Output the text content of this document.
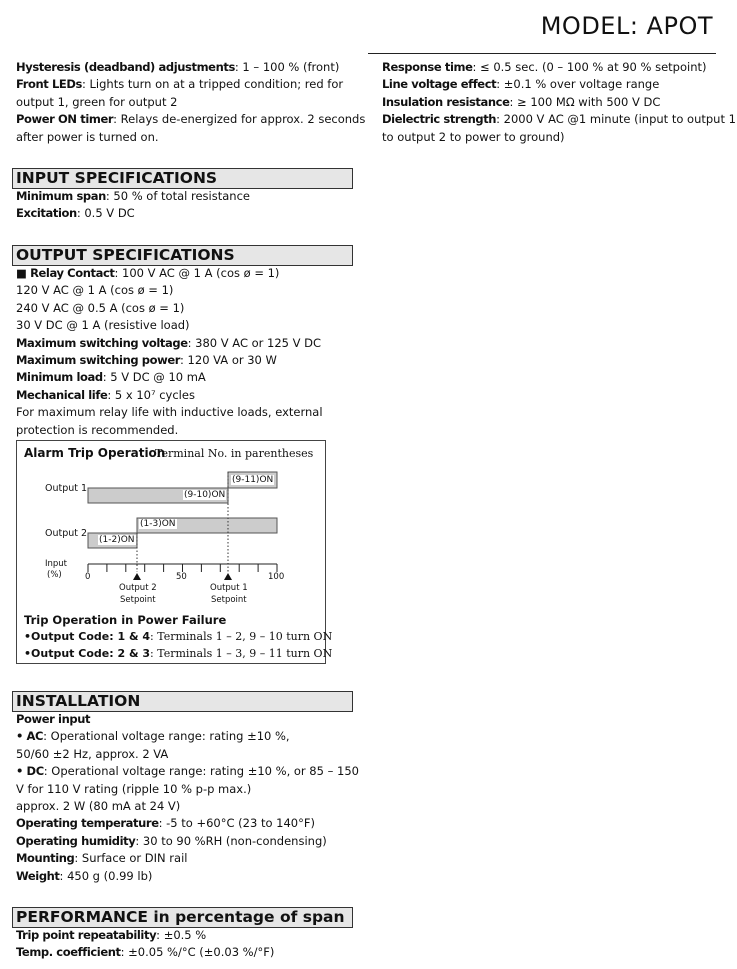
MODEL: APOT
Hysteresis (deadband) adjustments: 1 – 100 % (front)
Front LEDs: Lights turn on at a tripped condition; red for
output 1, green for output 2
Power ON timer: Relays de-energized for approx. 2 seconds
after power is turned on.
Response time: ≤ 0.5 sec. (0 – 100 % at 90 % setpoint)
Line voltage effect: ±0.1 % over voltage range
Insulation resistance: ≥ 100 MΩ with 500 V DC
Dielectric strength: 2000 V AC @1 minute (input to output 1
to output 2 to power to ground)
INPUT SPECIFICATIONS
Minimum span: 50 % of total resistance
Excitation: 0.5 V DC
OUTPUT SPECIFICATIONS
■ Relay Contact: 100 V AC @ 1 A (cos ø = 1)
120 V AC @ 1 A (cos ø = 1)
240 V AC @ 0.5 A (cos ø = 1)
30 V DC @ 1 A (resistive load)
Maximum switching voltage: 380 V AC or 125 V DC
Maximum switching power: 120 VA or 30 W
Minimum load: 5 V DC @ 10 mA
Mechanical life: 5 x 10⁷ cycles
For maximum relay life with inductive loads, external
protection is recommended.
Alarm Trip Operation
Terminal No. in parentheses
Output 1
Output 2
(9-10)ON
(9-11)ON
(1-2)ON
(1-3)ON
Input
(%)	0	50	100
Output 2
Setpoint
Output 1
Setpoint
Trip Operation in Power Failure
•Output Code: 1 & 4: Terminals 1 – 2, 9 – 10 turn ON
•Output Code: 2 & 3: Terminals 1 – 3, 9 – 11 turn ON
INSTALLATION
Power input
• AC: Operational voltage range: rating ±10 %,
50/60 ±2 Hz, approx. 2 VA
• DC: Operational voltage range: rating ±10 %, or 85 – 150
V for 110 V rating (ripple 10 % p-p max.)
approx. 2 W (80 mA at 24 V)
Operating temperature: -5 to +60°C (23 to 140°F)
Operating humidity: 30 to 90 %RH (non-condensing)
Mounting: Surface or DIN rail
Weight: 450 g (0.99 lb)
PERFORMANCE in percentage of span
Trip point repeatability: ±0.5 %
Temp. coefficient: ±0.05 %/°C (±0.03 %/°F)
